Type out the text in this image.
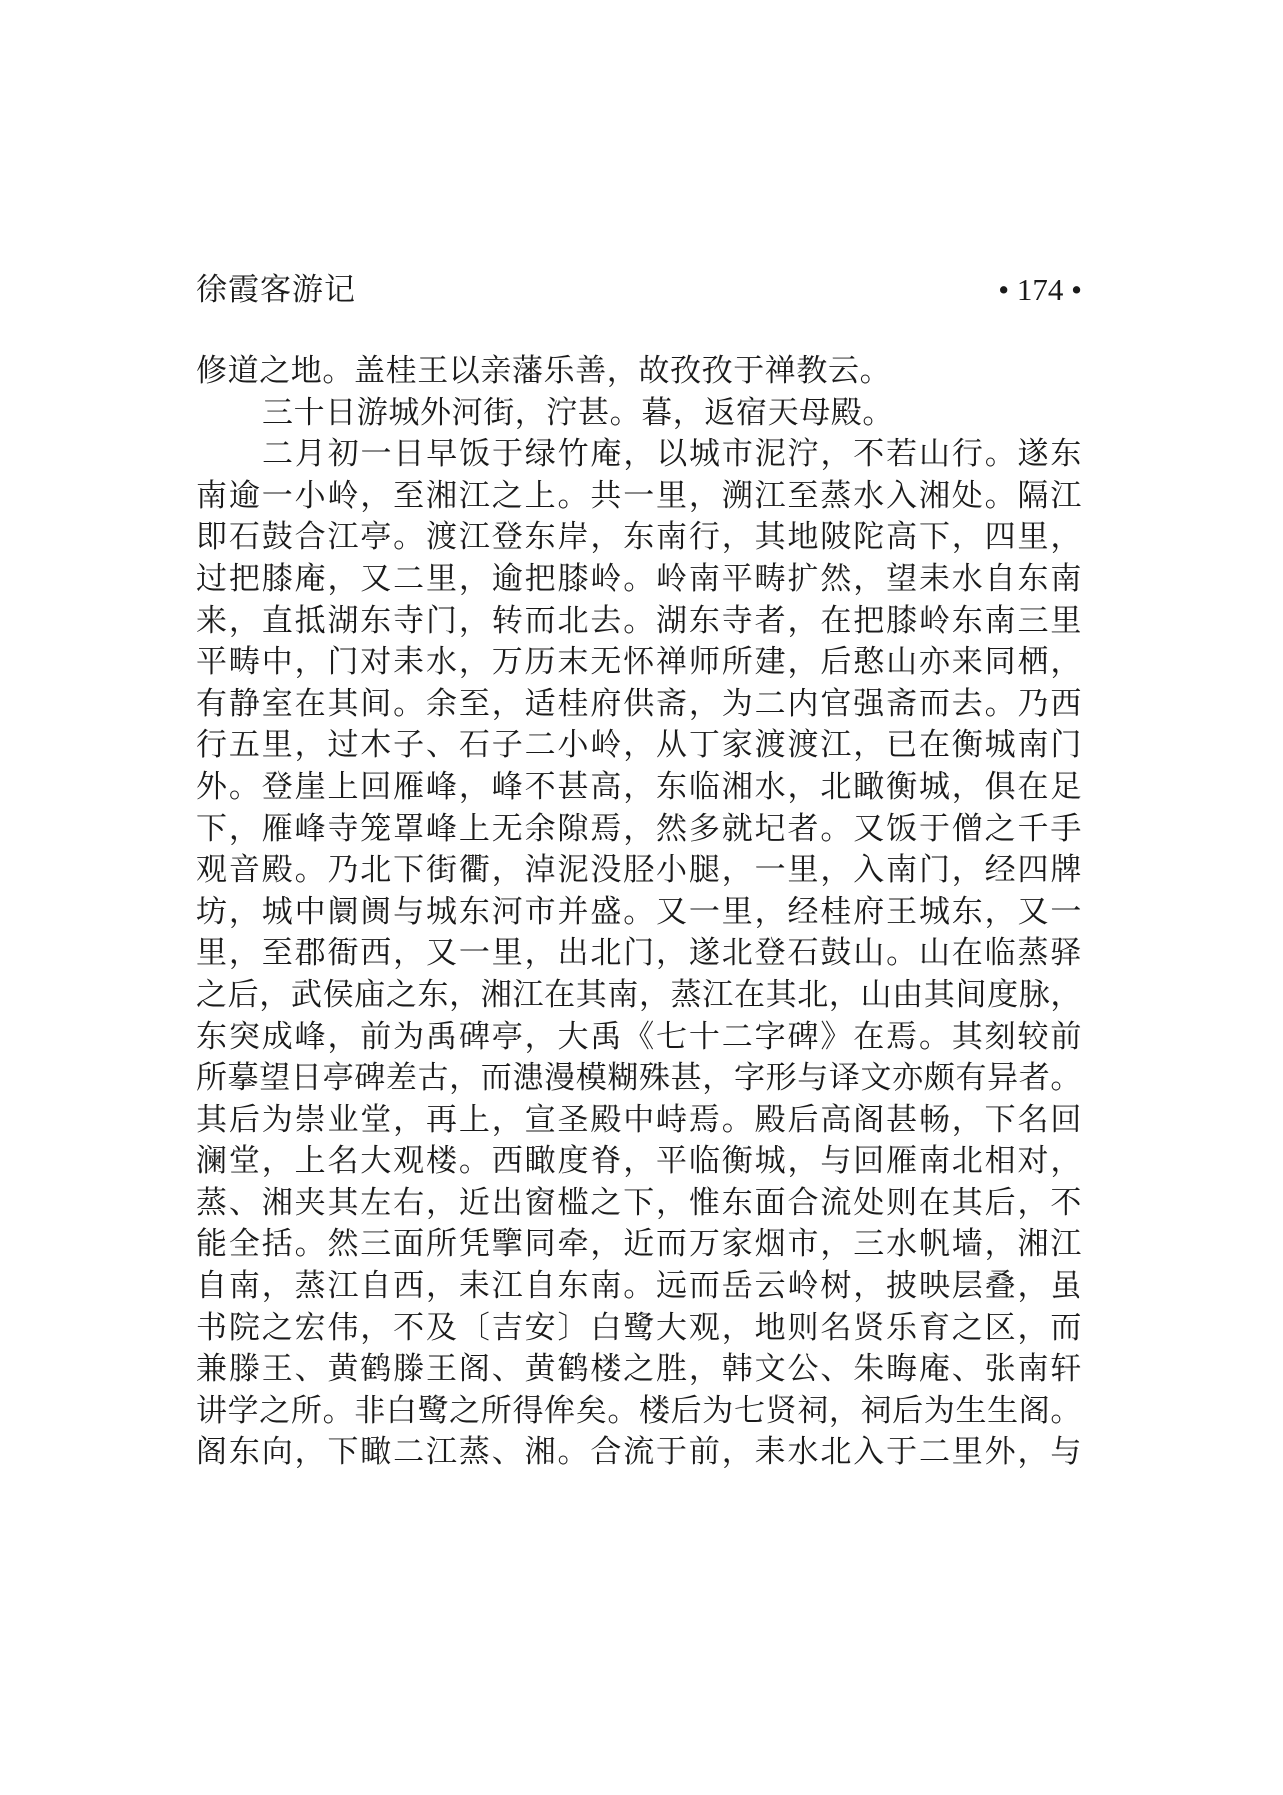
徐霞客游记	• 174 •
修道之地。盖桂王以亲藩乐善，故孜孜于禅教云。
三十日游城外河街，泞甚。暮，返宿天母殿。
二月初一日早饭于绿竹庵，以城市泥泞，不若山行。遂东
南逾一小岭，至湘江之上。共一里，溯江至蒸水入湘处。隔江
即石鼓合江亭。渡江登东岸，东南行，其地陂陀高下，四里，
过把膝庵，又二里，逾把膝岭。岭南平畴扩然，望耒水自东南
来，直抵湖东寺门，转而北去。湖东寺者，在把膝岭东南三里
平畴中，门对耒水，万历末无怀禅师所建，后憨山亦来同栖，
有静室在其间。余至，适桂府供斋，为二内官强斋而去。乃西
行五里，过木子、石子二小岭，从丁家渡渡江，已在衡城南门
外。登崖上回雁峰，峰不甚高，东临湘水，北瞰衡城，俱在足
下，雁峰寺笼罩峰上无余隙焉，然多就圮者。又饭于僧之千手
观音殿。乃北下街衢，淖泥没胫小腿，一里，入南门，经四牌
坊，城中阛阓与城东河市并盛。又一里，经桂府王城东，又一
里，至郡衙西，又一里，出北门，遂北登石鼓山。山在临蒸驿
之后，武侯庙之东，湘江在其南，蒸江在其北，山由其间度脉，
东突成峰，前为禹碑亭，大禹《七十二字碑》在焉。其刻较前
所摹望日亭碑差古，而漶漫模糊殊甚，字形与译文亦颇有异者。
其后为崇业堂，再上，宣圣殿中峙焉。殿后高阁甚畅，下名回
澜堂，上名大观楼。西瞰度脊，平临衡城，与回雁南北相对，
蒸、湘夹其左右，近出窗槛之下，惟东面合流处则在其后，不
能全括。然三面所凭擥同牵，近而万家烟市，三水帆墙，湘江
自南，蒸江自西，耒江自东南。远而岳云岭树，披映层叠，虽
书院之宏伟，不及〔吉安〕白鹭大观，地则名贤乐育之区，而
兼滕王、黄鹤滕王阁、黄鹤楼之胜，韩文公、朱晦庵、张南轩
讲学之所。非白鹭之所得侔矣。楼后为七贤祠，祠后为生生阁。
阁东向，下瞰二江蒸、湘。合流于前，耒水北入于二里外，与
